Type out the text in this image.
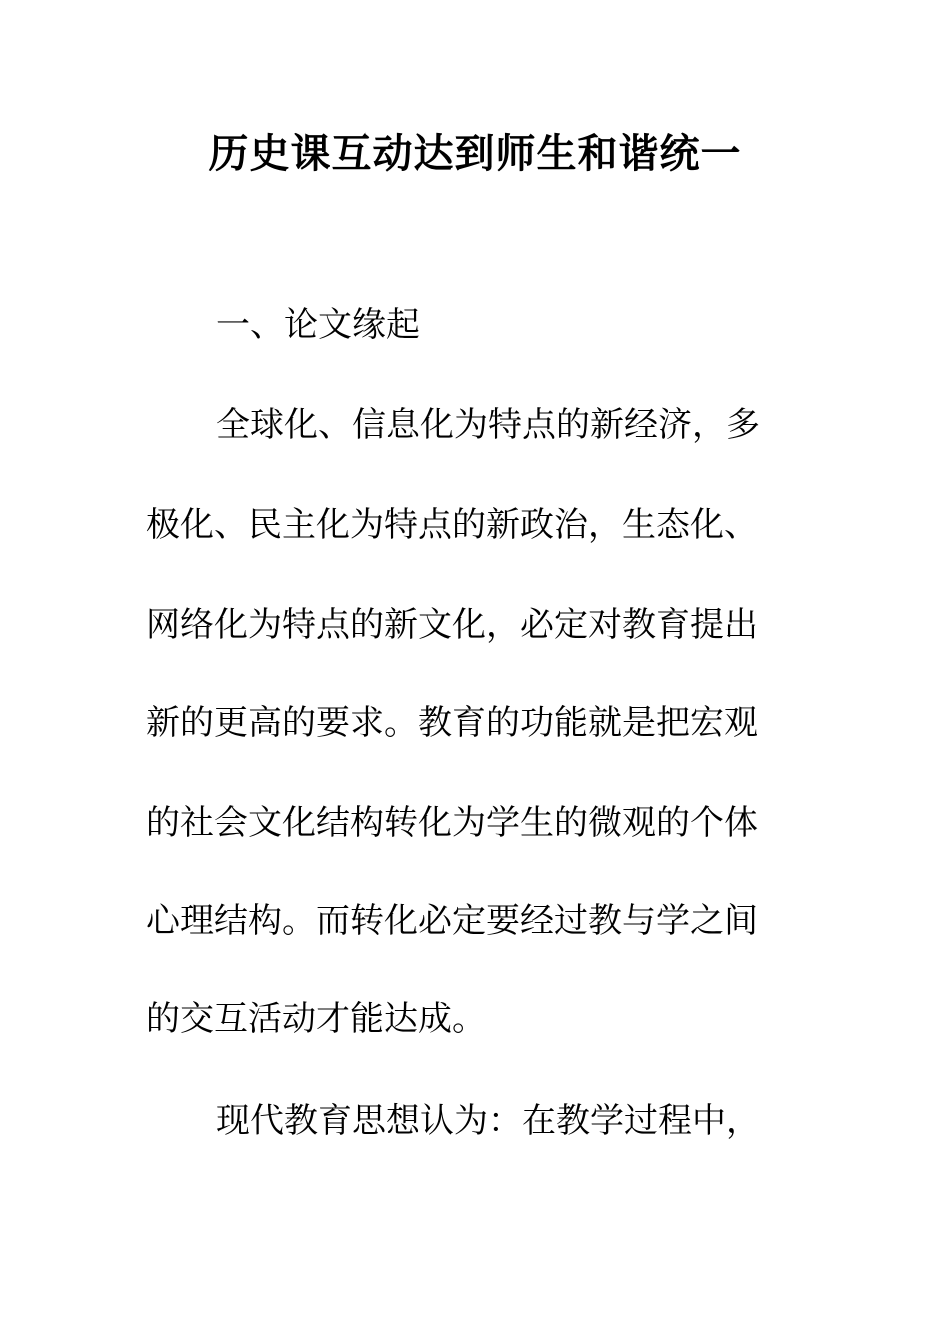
历史课互动达到师生和谐统一

一、论文缘起

全球化、信息化为特点的新经济，多

极化、民主化为特点的新政治，生态化、

网络化为特点的新文化，必定对教育提出

新的更高的要求。教育的功能就是把宏观

的社会文化结构转化为学生的微观的个体

心理结构。而转化必定要经过教与学之间

的交互活动才能达成。

现代教育思想认为：在教学过程中，
